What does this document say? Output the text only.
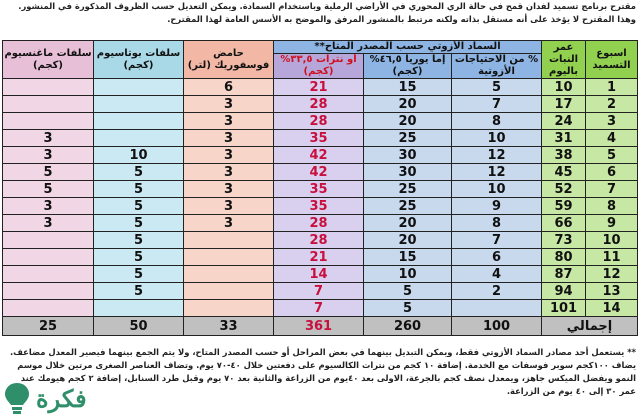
مقترح برنامج تسميد لفدان قمح في حالة الري المحوري في الأراضي الرملية وباستخدام السمادة. ويمكن التعديل حسب الظروف المذكورة في المنشور. وهذا المقترح لا يؤخذ على أنه مستقل بذاته ولكنه مرتبط بالمنشور المرفق والموضح به الأسس العامة لهذا المقترح.
اسبوع التسميد	عمر النبات باليوم	السماد الأزوتي حسب المصدر المتاح**			حامض فوسفوريك (لتر)	سلفات بوتاسيوم (كجم)	سلفات ماغنسيوم (كجم)
		% من الاحتياجات الأزوتية	إما يوريا ٤٦,٥% (كجم)	أو نترات ٣٣,٥% (كجم)			
1	10	5	15	21	6		
2	17	7	20	28	3		
3	24	8	20	28	3		
4	31	10	25	35	3		3
5	38	12	30	42	3	10	3
6	45	12	30	42	3	5	5
7	52	10	25	35	3	5	5
8	59	9	25	35	3	5	3
9	66	8	20	28	3	5	3
10	73	7	20	28		5	
11	80	6	15	21		5	
12	87	4	10	14		5	
13	94	2	5	7		5	
14	101		5	7			
إجمالي		100	260	361	33	50	25
** يستعمل أحد مصادر السماد الأزوتي فقط، ويمكن التبديل بينهما في بعض المراحل أو حسب المصدر المتاح، ولا يتم الجمع بينهما فيصير المعدل مضاعف.
يضاف ١٠٠كجم سوبر فوسفات مع الخدمة. إضافة ١٠ كجم من نترات الكالسيوم على دفعتين خلال ٤٠-٧٠ يوم. وتضاف العناصر الصغرى مرتين خلال موسم النمو ويفضل الميكس جاهز، ويمعدل نصف كجم بالجرعة، الاولى بعد ٤٠يوم من الزراعة والثانية بعد ٧٠ يوم وقبل طرد السنابل، إضافة ٢ كجم هيومك عند عمر ٣٠ إلى ٤٠ يوم من الزراعة.
فكرة
